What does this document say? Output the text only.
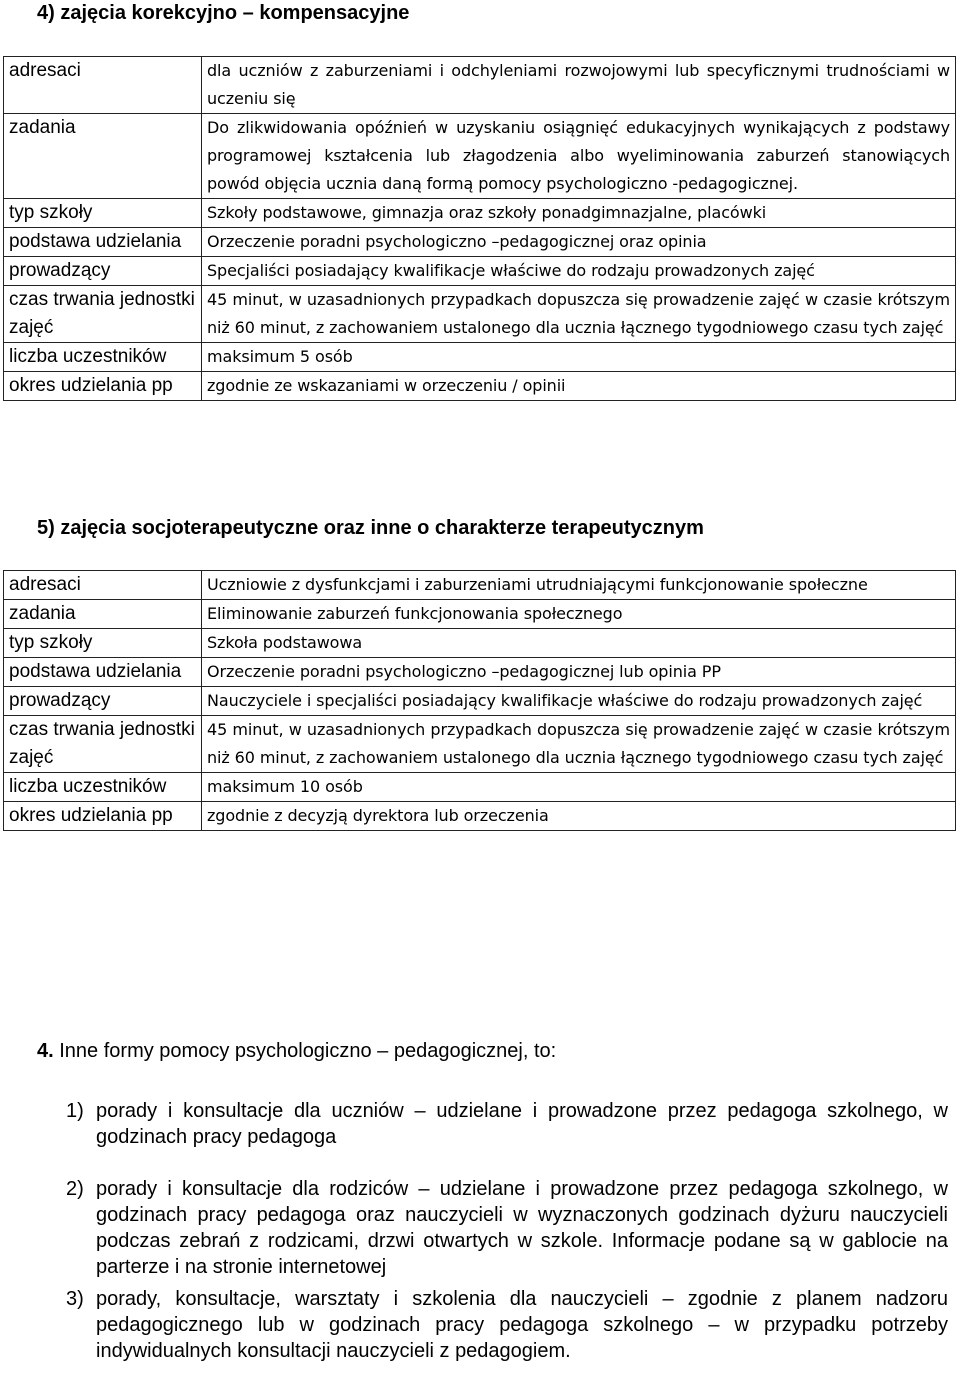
4) zajęcia korekcyjno – kompensacyjne
adresaci	dla uczniów z zaburzeniami i odchyleniami rozwojowymi lub specyficznymi trudnościami w uczeniu się
zadania	Do zlikwidowania opóźnień w uzyskaniu osiągnięć edukacyjnych wynikających z podstawy programowej kształcenia lub złagodzenia albo wyeliminowania zaburzeń stanowiących powód objęcia ucznia daną formą pomocy psychologiczno -pedagogicznej.
typ szkoły	Szkoły podstawowe, gimnazja oraz szkoły ponadgimnazjalne, placówki
podstawa udzielania	Orzeczenie poradni psychologiczno –pedagogicznej oraz opinia
prowadzący	Specjaliści posiadający kwalifikacje właściwe do rodzaju prowadzonych zajęć
czas trwania jednostki zajęć	45 minut, w uzasadnionych przypadkach dopuszcza się prowadzenie zajęć w czasie krótszym niż 60 minut, z zachowaniem ustalonego dla ucznia łącznego tygodniowego czasu tych zajęć
liczba uczestników	maksimum 5 osób
okres udzielania pp	zgodnie ze wskazaniami w orzeczeniu / opinii
5) zajęcia socjoterapeutyczne oraz inne o charakterze terapeutycznym
adresaci	Uczniowie z dysfunkcjami i zaburzeniami utrudniającymi funkcjonowanie społeczne
zadania	Eliminowanie zaburzeń funkcjonowania społecznego
typ szkoły	Szkoła podstawowa
podstawa udzielania	Orzeczenie poradni psychologiczno –pedagogicznej lub opinia PP
prowadzący	Nauczyciele i specjaliści posiadający kwalifikacje właściwe do rodzaju prowadzonych zajęć
czas trwania jednostki zajęć	45 minut, w uzasadnionych przypadkach dopuszcza się prowadzenie zajęć w czasie krótszym niż 60 minut, z zachowaniem ustalonego dla ucznia łącznego tygodniowego czasu tych zajęć
liczba uczestników	maksimum 10 osób
okres udzielania pp	zgodnie z decyzją dyrektora lub orzeczenia
4. Inne formy pomocy psychologiczno – pedagogicznej, to:
1) porady i konsultacje dla uczniów – udzielane i prowadzone przez pedagoga szkolnego, w godzinach pracy pedagoga
2) porady i konsultacje dla rodziców – udzielane i prowadzone przez pedagoga szkolnego, w godzinach pracy pedagoga oraz nauczycieli w wyznaczonych godzinach dyżuru nauczycieli podczas zebrań z rodzicami, drzwi otwartych w szkole. Informacje podane są w gablocie na parterze i na stronie internetowej
3) porady, konsultacje, warsztaty i szkolenia dla nauczycieli – zgodnie z planem nadzoru pedagogicznego lub w godzinach pracy pedagoga szkolnego – w przypadku potrzeby indywidualnych konsultacji nauczycieli z pedagogiem.
